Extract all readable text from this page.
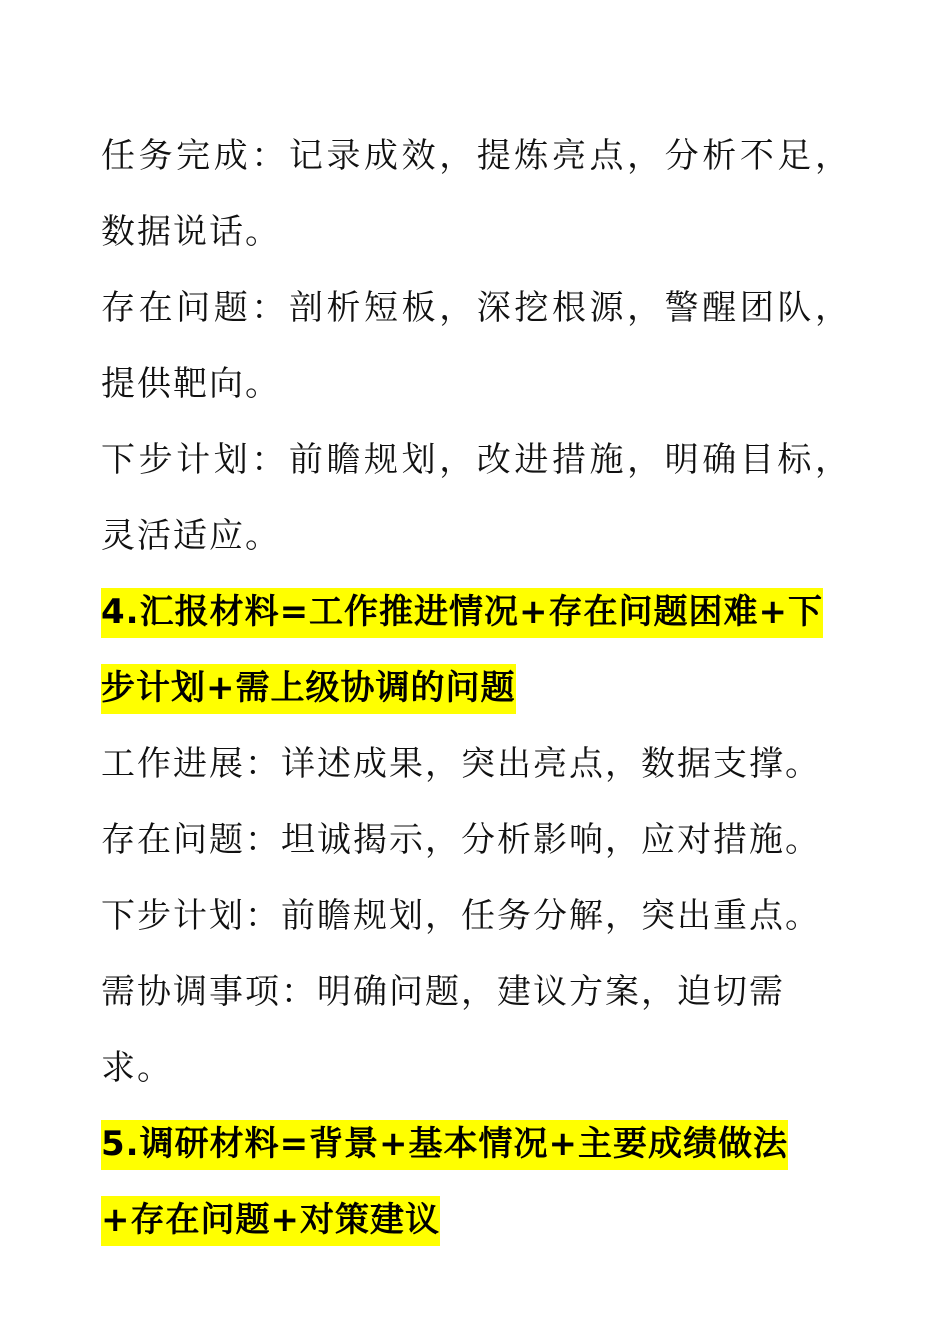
任务完成：记录成效，提炼亮点，分析不足，数据说话。

存在问题：剖析短板，深挖根源，警醒团队，提供靶向。

下步计划：前瞻规划，改进措施，明确目标，灵活适应。

4.汇报材料=工作推进情况+存在问题困难+下步计划+需上级协调的问题

工作进展：详述成果，突出亮点，数据支撑。

存在问题：坦诚揭示，分析影响，应对措施。

下步计划：前瞻规划，任务分解，突出重点。

需协调事项：明确问题，建议方案，迫切需求。

5.调研材料=背景+基本情况+主要成绩做法+存在问题+对策建议
